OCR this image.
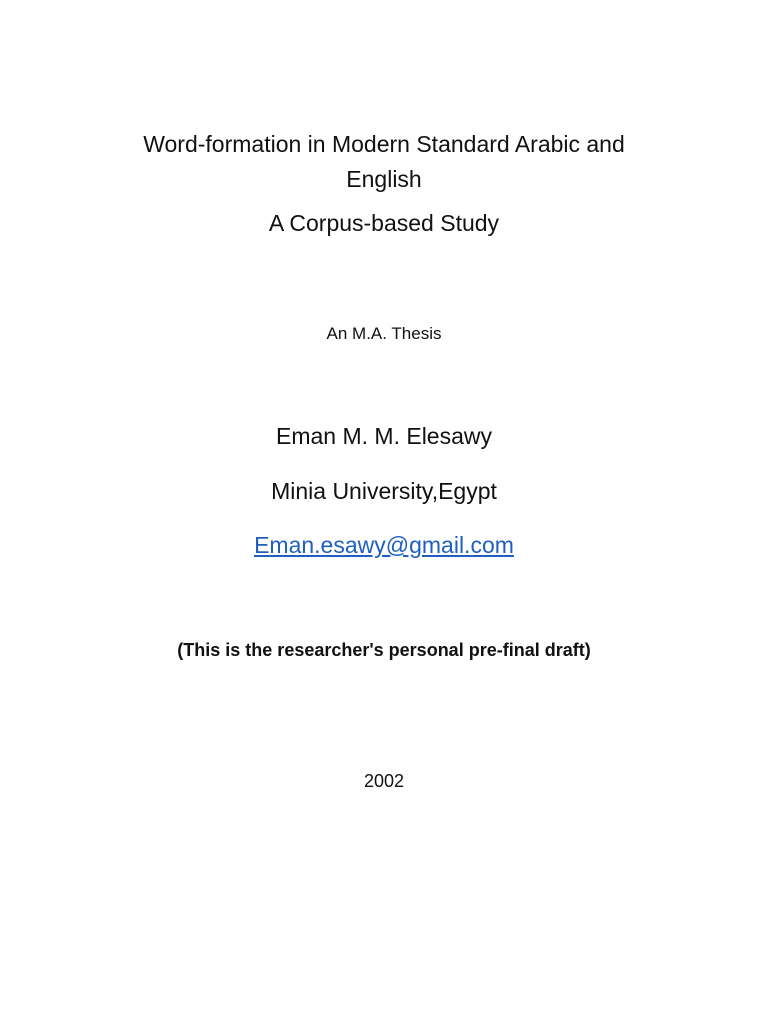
Word-formation in Modern Standard Arabic and
English
A Corpus-based Study
An M.A. Thesis
Eman M. M. Elesawy
Minia University,Egypt
Eman.esawy@gmail.com
(This is the researcher's personal pre-final draft)
2002
